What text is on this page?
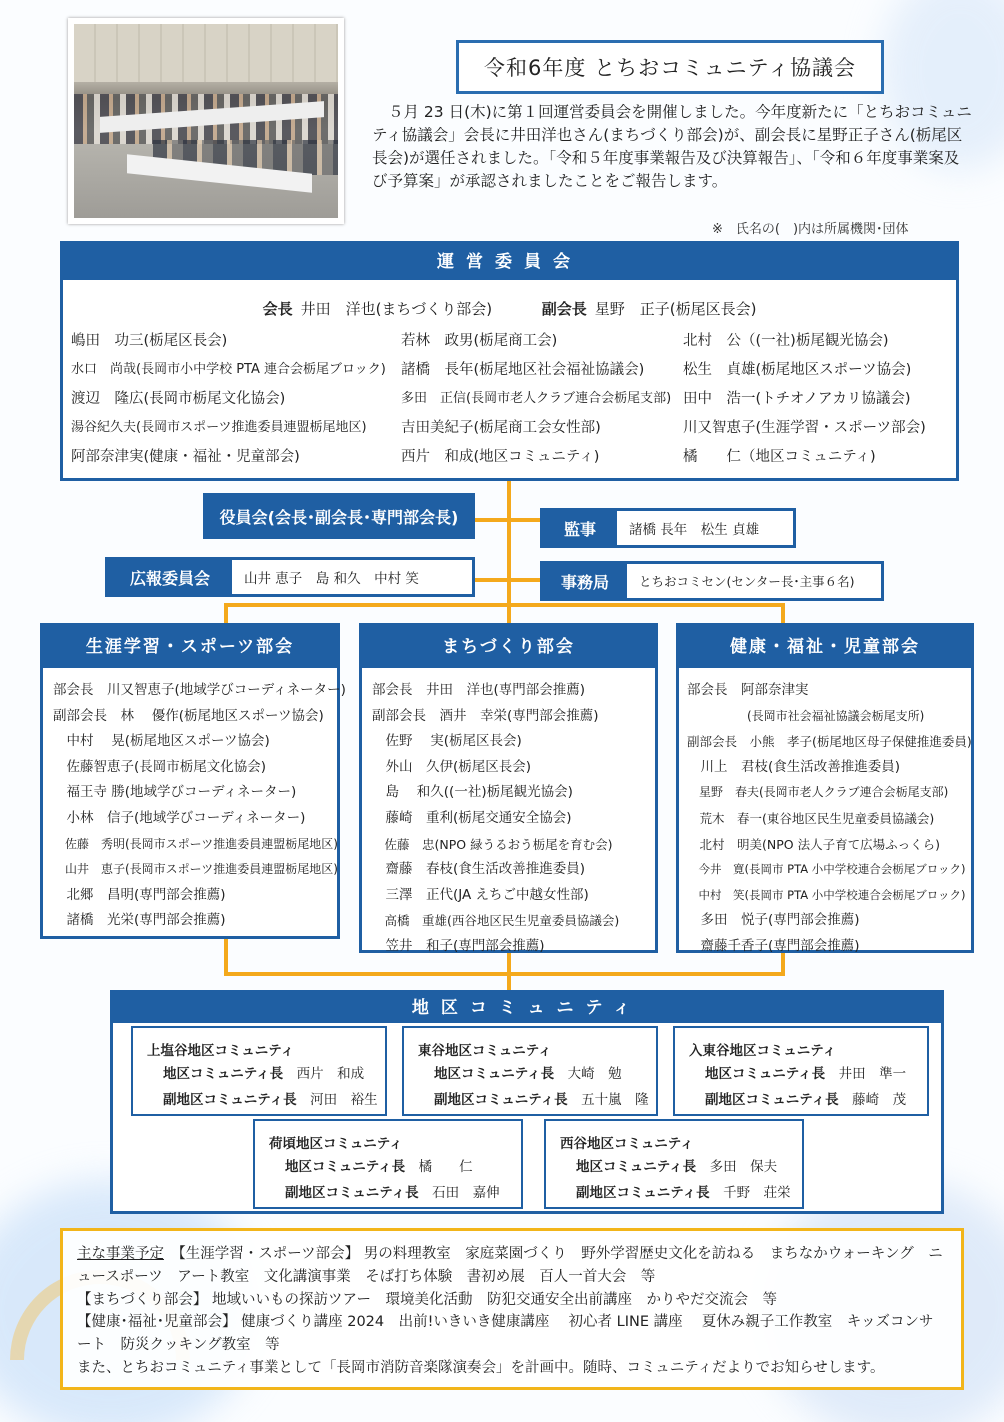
令和6年度 とちおコミュニティ協議会
５月 23 日(木)に第１回運営委員会を開催しました。今年度新たに「とちおコミュニティ協議会」会長に井田洋也さん(まちづくり部会)が、副会長に星野正子さん(栃尾区長会)が選任されました。「令和５年度事業報告及び決算報告」、「令和６年度事業案及び予算案」が承認されましたことをご報告します。
※　氏名の(　)内は所属機関･団体
運営委員会
会長 井田　洋也(まちづくり部会)	副会長 星野　正子(栃尾区長会)
嶋田　功三(栃尾区長会)	若林　政男(栃尾商工会)	北村　公（(一社)栃尾観光協会)
水口　尚哉(長岡市小中学校 PTA 連合会栃尾ブロック)	諸橋　長年(栃尾地区社会福祉協議会)	松生　貞雄(栃尾地区スポーツ協会)
渡辺　隆広(長岡市栃尾文化協会)	多田　正信(長岡市老人クラブ連合会栃尾支部) 田中　浩一(トチオノアカリ協議会)
湯谷紀久夫(長岡市スポーツ推進委員連盟栃尾地区)	吉田美紀子(栃尾商工会女性部)	川又智恵子(生涯学習・スポーツ部会)
阿部奈津実(健康・福祉・児童部会)	西片　和成(地区コミュニティ)	橘　　仁（地区コミュニティ)
役員会(会長･副会長･専門部会長)
監事	諸橋 長年　松生 貞雄
広報委員会	山井 恵子　島 和久　中村 笑	事務局	とちおコミセン(センター長･主事６名)
生涯学習・スポーツ部会
部会長　川又智恵子(地域学びコーディネーター)
副部会長　林　 優作(栃尾地区スポーツ協会)
　中村　 晃(栃尾地区スポーツ協会)
　佐藤智恵子(長岡市栃尾文化協会)
　福王寺 勝(地域学びコーディネーター)
　小林　信子(地域学びコーディネーター)
　佐藤　秀明(長岡市スポーツ推進委員連盟栃尾地区)
　山井　恵子(長岡市スポーツ推進委員連盟栃尾地区)
　北郷　昌明(専門部会推薦)
　諸橋　光栄(専門部会推薦)
まちづくり部会
部会長　井田　洋也(専門部会推薦)
副部会長　酒井　幸栄(専門部会推薦)
　佐野　 実(栃尾区長会)
　外山　久伊(栃尾区長会)
　島　 和久((一社)栃尾観光協会)
　藤崎　重利(栃尾交通安全協会)
　佐藤　忠(NPO 緑うるおう栃尾を育む会)
　齋藤　春枝(食生活改善推進委員)
　三澤　正代(JA えちご中越女性部)
　高橋　重雄(西谷地区民生児童委員協議会)
　笠井　和子(専門部会推薦)
健康・福祉・児童部会
部会長　阿部奈津実
(長岡市社会福祉協議会栃尾支所)
副部会長　小熊　孝子(栃尾地区母子保健推進委員)
　川上　君枝(食生活改善推進委員)
　星野　春夫(長岡市老人クラブ連合会栃尾支部)
　荒木　春一(東谷地区民生児童委員協議会)
　北村　明美(NPO 法人子育て広場ふっくら)
　今井　寛(長岡市 PTA 小中学校連合会栃尾ブロック)
　中村　笑(長岡市 PTA 小中学校連合会栃尾ブロック)
　多田　悦子(専門部会推薦)
　齋藤千香子(専門部会推薦)
地区コミュニティ
上塩谷地区コミュニティ
地区コミュニティ長　 西片　和成
副地区コミュニティ長　 河田　裕生
東谷地区コミュニティ
地区コミュニティ長　 大崎　勉
副地区コミュニティ長　 五十嵐　隆
入東谷地区コミュニティ
地区コミュニティ長　 井田　準一
副地区コミュニティ長　 藤崎　茂
荷頃地区コミュニティ
地区コミュニティ長　 橘　　仁
副地区コミュニティ長　 石田　嘉伸
西谷地区コミュニティ
地区コミュニティ長　 多田　保夫
副地区コミュニティ長　 千野　荘栄
主な事業予定　 【生涯学習・スポーツ部会】 男の料理教室　家庭菜園づくり　野外学習歴史文化を訪ねる　まちなかウォーキング　ニュースポーツ　アート教室　文化講演事業　そば打ち体験　書初め展　百人一首大会　等
【まちづくり部会】 地域いいもの探訪ツアー　環境美化活動　防犯交通安全出前講座　かりやだ交流会　等
【健康･福祉･児童部会】 健康づくり講座 2024　出前!いきいき健康講座　 初心者 LINE 講座　 夏休み親子工作教室　キッズコンサート　防災クッキング教室　等
また、とちおコミュニティ事業として「長岡市消防音楽隊演奏会」を計画中。随時、コミュニティだよりでお知らせします。
